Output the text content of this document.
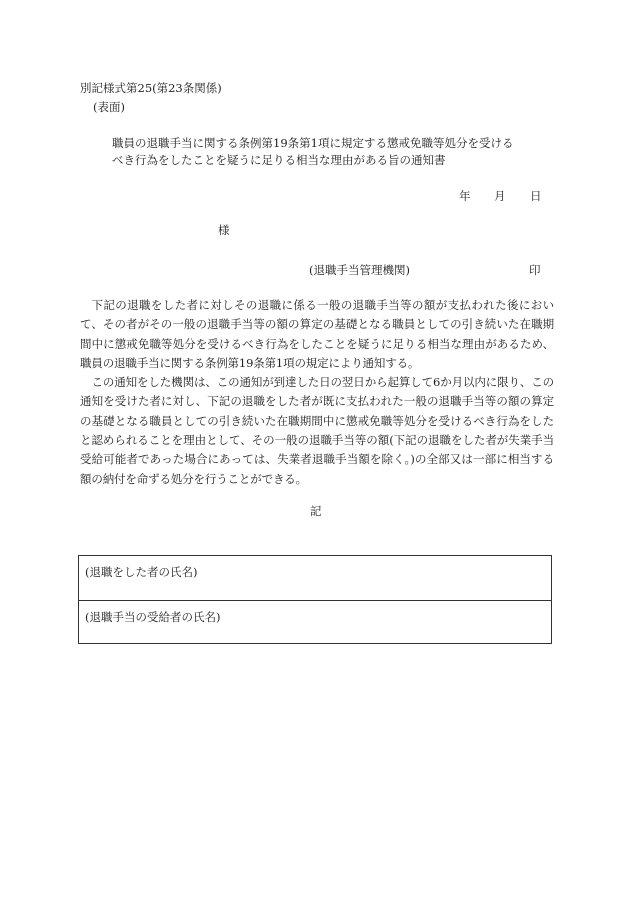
別記様式第25(第23条関係)
(表面)
職員の退職手当に関する条例第19条第1項に規定する懲戒免職等処分を受ける
べき行為をしたことを疑うに足りる相当な理由がある旨の通知書
年 月 日
様
(退職手当管理機関)	印

下記の退職をした者に対しその退職に係る一般の退職手当等の額が支払われた後において、その者がその一般の退職手当等の額の算定の基礎となる職員としての引き続いた在職期間中に懲戒免職等処分を受けるべき行為をしたことを疑うに足りる相当な理由があるため、職員の退職手当に関する条例第19条第1項の規定により通知する。

この通知をした機関は、この通知が到達した日の翌日から起算して6か月以内に限り、この通知を受けた者に対し、下記の退職をした者が既に支払われた一般の退職手当等の額の算定の基礎となる職員としての引き続いた在職期間中に懲戒免職等処分を受けるべき行為をしたと認められることを理由として、その一般の退職手当等の額(下記の退職をした者が失業手当受給可能者であった場合にあっては、失業者退職手当額を除く。)の全部又は一部に相当する額の納付を命ずる処分を行うことができる。

記
(退職をした者の氏名)
(退職手当の受給者の氏名)
